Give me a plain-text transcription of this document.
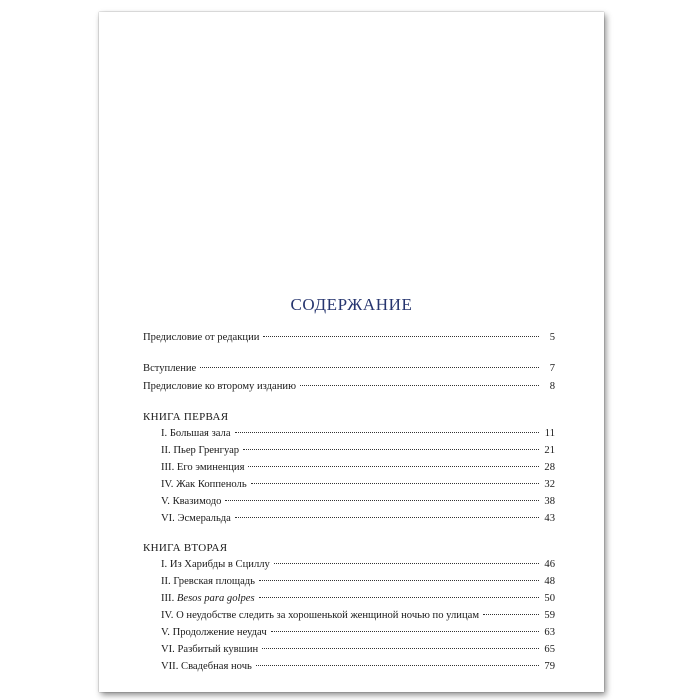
СОДЕРЖАНИЕ
Предисловие от редакции	5
Вступление	7
Предисловие ко второму изданию	8
КНИГА ПЕРВАЯ
I. Большая зала	11
II. Пьер Гренгуар	21
III. Его эминенция	28
IV. Жак Коппеноль	32
V. Квазимодо	38
VI. Эсмеральда	43
КНИГА ВТОРАЯ
I. Из Харибды в Сциллу	46
II. Гревская площадь	48
III. Besos para golpes	50
IV. О неудобстве следить за хорошенькой женщиной ночью по улицам	59
V. Продолжение неудач	63
VI. Разбитый кувшин	65
VII. Свадебная ночь	79
